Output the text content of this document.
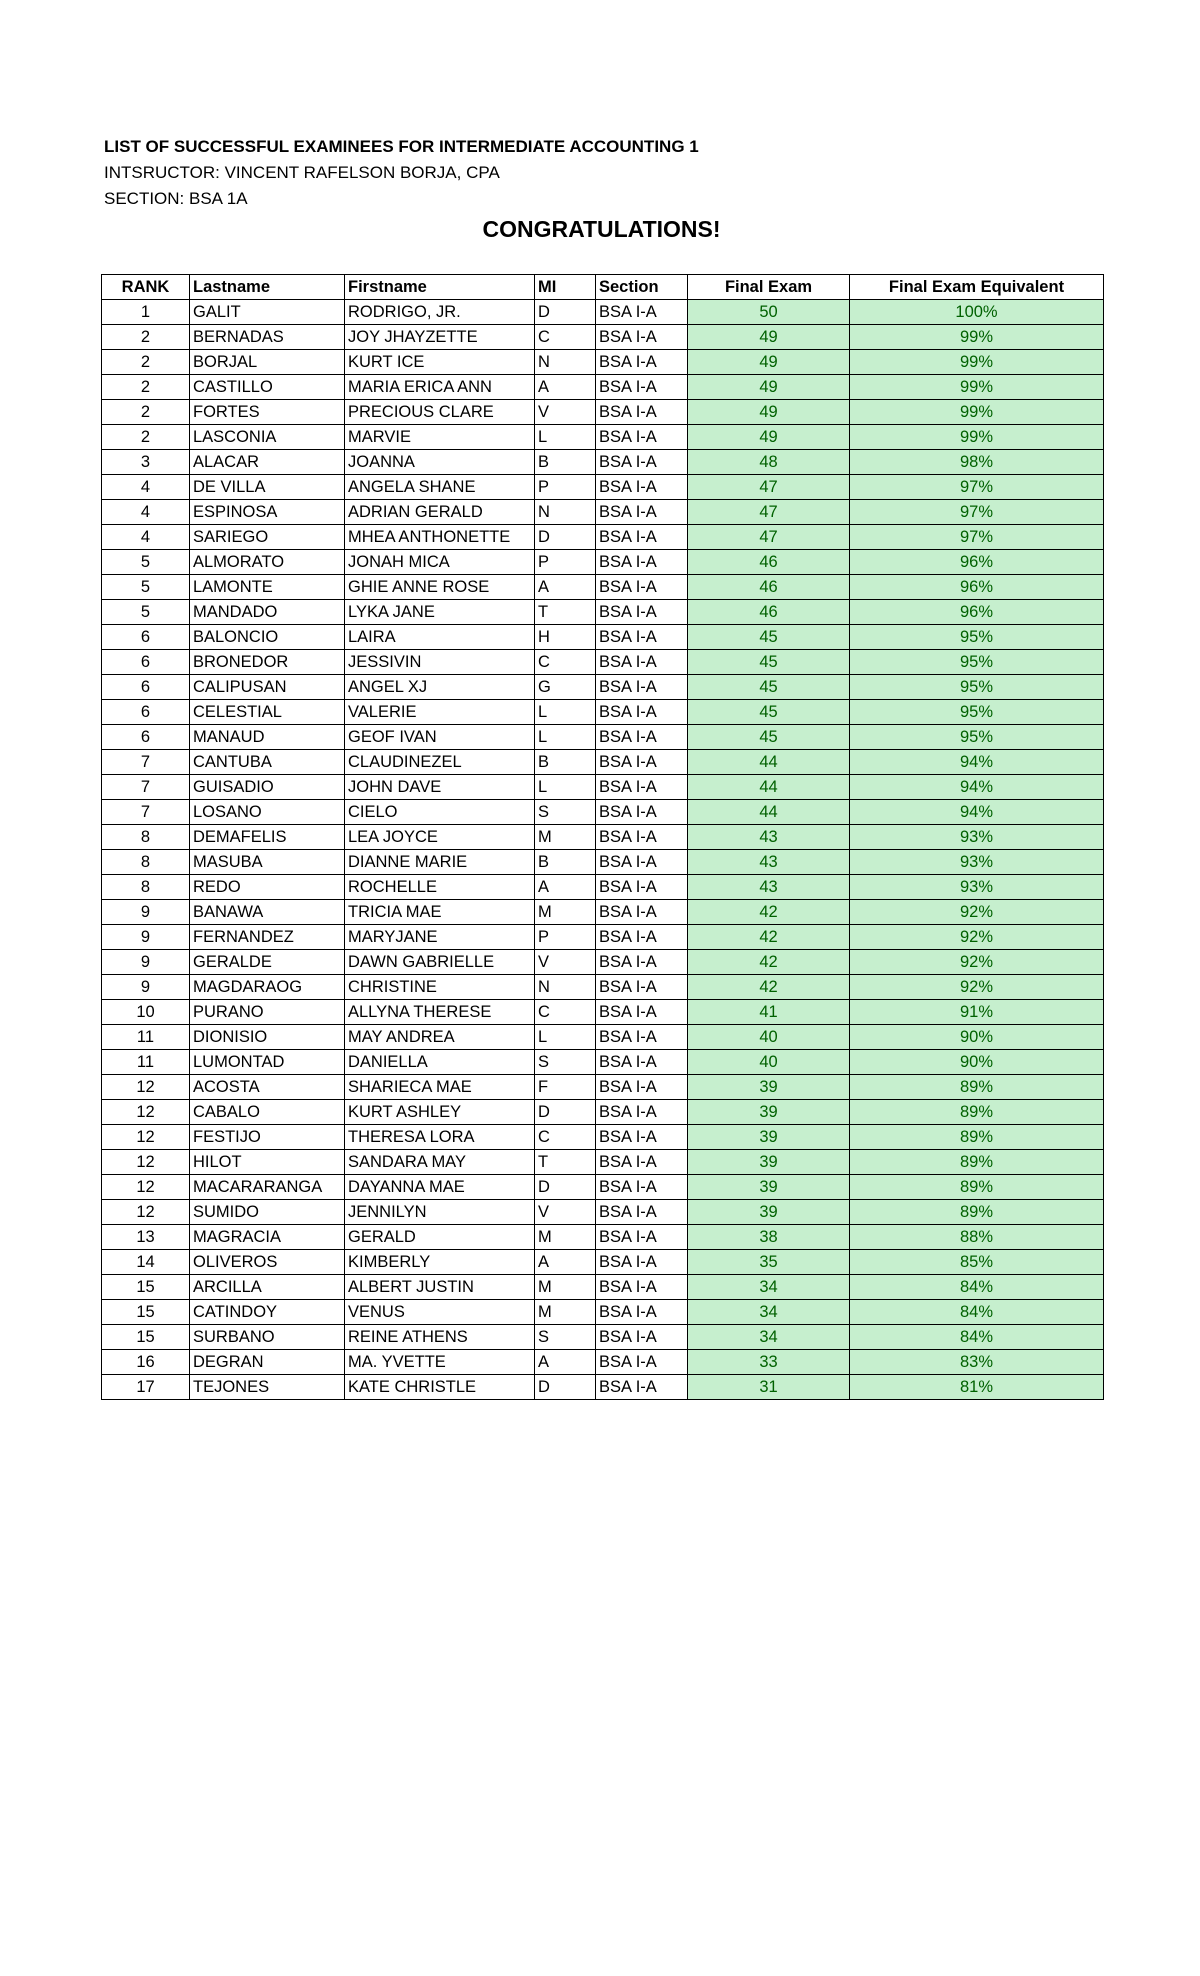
LIST OF SUCCESSFUL EXAMINEES FOR INTERMEDIATE ACCOUNTING 1
INTSRUCTOR: VINCENT RAFELSON BORJA, CPA
SECTION: BSA 1A
CONGRATULATIONS!
RANK	Lastname	Firstname	MI	Section	Final Exam	Final Exam Equivalent
1	GALIT	RODRIGO, JR.	D	BSA I-A	50	100%
2	BERNADAS	JOY JHAYZETTE	C	BSA I-A	49	99%
2	BORJAL	KURT ICE	N	BSA I-A	49	99%
2	CASTILLO	MARIA ERICA ANN	A	BSA I-A	49	99%
2	FORTES	PRECIOUS CLARE	V	BSA I-A	49	99%
2	LASCONIA	MARVIE	L	BSA I-A	49	99%
3	ALACAR	JOANNA	B	BSA I-A	48	98%
4	DE VILLA	ANGELA SHANE	P	BSA I-A	47	97%
4	ESPINOSA	ADRIAN GERALD	N	BSA I-A	47	97%
4	SARIEGO	MHEA ANTHONETTE	D	BSA I-A	47	97%
5	ALMORATO	JONAH MICA	P	BSA I-A	46	96%
5	LAMONTE	GHIE ANNE ROSE	A	BSA I-A	46	96%
5	MANDADO	LYKA JANE	T	BSA I-A	46	96%
6	BALONCIO	LAIRA	H	BSA I-A	45	95%
6	BRONEDOR	JESSIVIN	C	BSA I-A	45	95%
6	CALIPUSAN	ANGEL XJ	G	BSA I-A	45	95%
6	CELESTIAL	VALERIE	L	BSA I-A	45	95%
6	MANAUD	GEOF IVAN	L	BSA I-A	45	95%
7	CANTUBA	CLAUDINEZEL	B	BSA I-A	44	94%
7	GUISADIO	JOHN DAVE	L	BSA I-A	44	94%
7	LOSANO	CIELO	S	BSA I-A	44	94%
8	DEMAFELIS	LEA JOYCE	M	BSA I-A	43	93%
8	MASUBA	DIANNE MARIE	B	BSA I-A	43	93%
8	REDO	ROCHELLE	A	BSA I-A	43	93%
9	BANAWA	TRICIA MAE	M	BSA I-A	42	92%
9	FERNANDEZ	MARYJANE	P	BSA I-A	42	92%
9	GERALDE	DAWN GABRIELLE	V	BSA I-A	42	92%
9	MAGDARAOG	CHRISTINE	N	BSA I-A	42	92%
10	PURANO	ALLYNA THERESE	C	BSA I-A	41	91%
11	DIONISIO	MAY ANDREA	L	BSA I-A	40	90%
11	LUMONTAD	DANIELLA	S	BSA I-A	40	90%
12	ACOSTA	SHARIECA MAE	F	BSA I-A	39	89%
12	CABALO	KURT ASHLEY	D	BSA I-A	39	89%
12	FESTIJO	THERESA LORA	C	BSA I-A	39	89%
12	HILOT	SANDARA MAY	T	BSA I-A	39	89%
12	MACARARANGA	DAYANNA MAE	D	BSA I-A	39	89%
12	SUMIDO	JENNILYN	V	BSA I-A	39	89%
13	MAGRACIA	GERALD	M	BSA I-A	38	88%
14	OLIVEROS	KIMBERLY	A	BSA I-A	35	85%
15	ARCILLA	ALBERT JUSTIN	M	BSA I-A	34	84%
15	CATINDOY	VENUS	M	BSA I-A	34	84%
15	SURBANO	REINE ATHENS	S	BSA I-A	34	84%
16	DEGRAN	MA. YVETTE	A	BSA I-A	33	83%
17	TEJONES	KATE CHRISTLE	D	BSA I-A	31	81%
